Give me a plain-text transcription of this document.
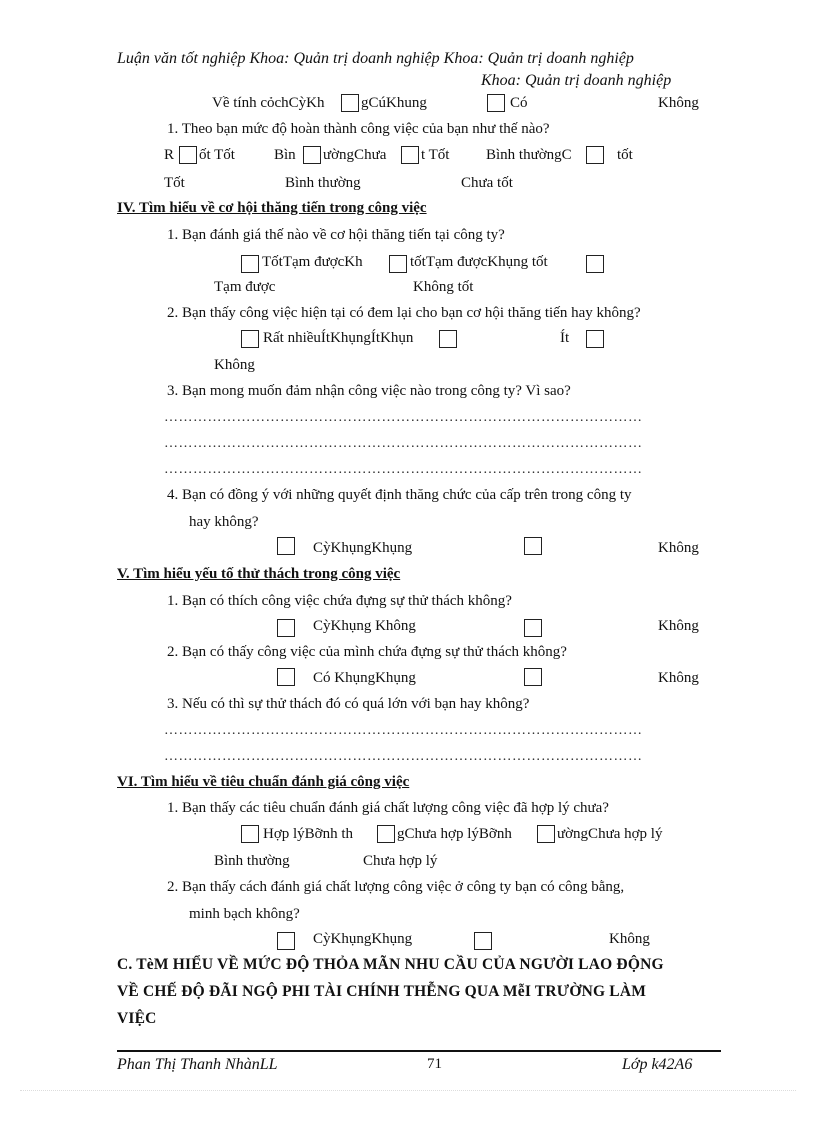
Luận văn tốt nghiệp Khoa: Quản trị doanh nghiệp Khoa: Quản trị doanh nghiệp
Khoa: Quản trị doanh nghiệp
Về tính cỏchCỳKh gCúKhung	Có	Không
1. Theo bạn mức độ hoàn thành công việc của bạn như thế nào?
R ốt Tốt	Bìn ườngChưa t Tốt Bình thườngC	tốt
Tốt	Bình thường	Chưa tốt
IV. Tìm hiểu về cơ hội thăng tiến trong công việc
1. Bạn đánh giá thế nào về cơ hội thăng tiến tại công ty?
TốtTạm đượcKh	tốtTạm đượcKhụng tốt
Tạm được	Không tốt
2. Bạn thấy công việc hiện tại có đem lại cho bạn cơ hội thăng tiến hay không?
Rất nhiềuÍtKhụngÍtKhụn	Ít
Không
3. Bạn mong muốn đảm nhận công việc nào trong công ty? Vì sao?
………………………………………………………………………………………
………………………………………………………………………………………
………………………………………………………………………………………
4. Bạn có đồng ý với những quyết định thăng chức của cấp trên trong công ty
hay không?
CỳKhụngKhụng	Không
V. Tìm hiểu yếu tố thử thách trong công việc
1. Bạn có thích công việc chứa đựng sự thử thách không?
CỳKhụng Không	Không
2. Bạn có thấy công việc của mình chứa đựng sự thử thách không?
Có KhụngKhụng	Không
3. Nếu có thì sự thử thách đó có quá lớn với bạn hay không?
………………………………………………………………………………………
………………………………………………………………………………………
VI. Tìm hiểu về tiêu chuẩn đánh giá công việc
1. Bạn thấy các tiêu chuẩn đánh giá chất lượng công việc đã hợp lý chưa?
Hợp lýBỡnh th	gChưa hợp lýBỡnh	ườngChưa hợp lý
Bình thường	Chưa hợp lý
2. Bạn thấy cách đánh giá chất lượng công việc ở công ty bạn có công bằng,
minh bạch không?
CỳKhụngKhụng	Không
C. TèM HIỂU VỀ MỨC ĐỘ THỎA MÃN NHU CẦU CỦA NGƯỜI LAO ĐỘNG
VỀ CHẾ ĐỘ ĐÃI NGỘ PHI TÀI CHÍNH THỄNG QUA MễI TRƯỜNG LÀM
VIỆC
Phan Thị Thanh NhànLL	71	Lớp k42A6
